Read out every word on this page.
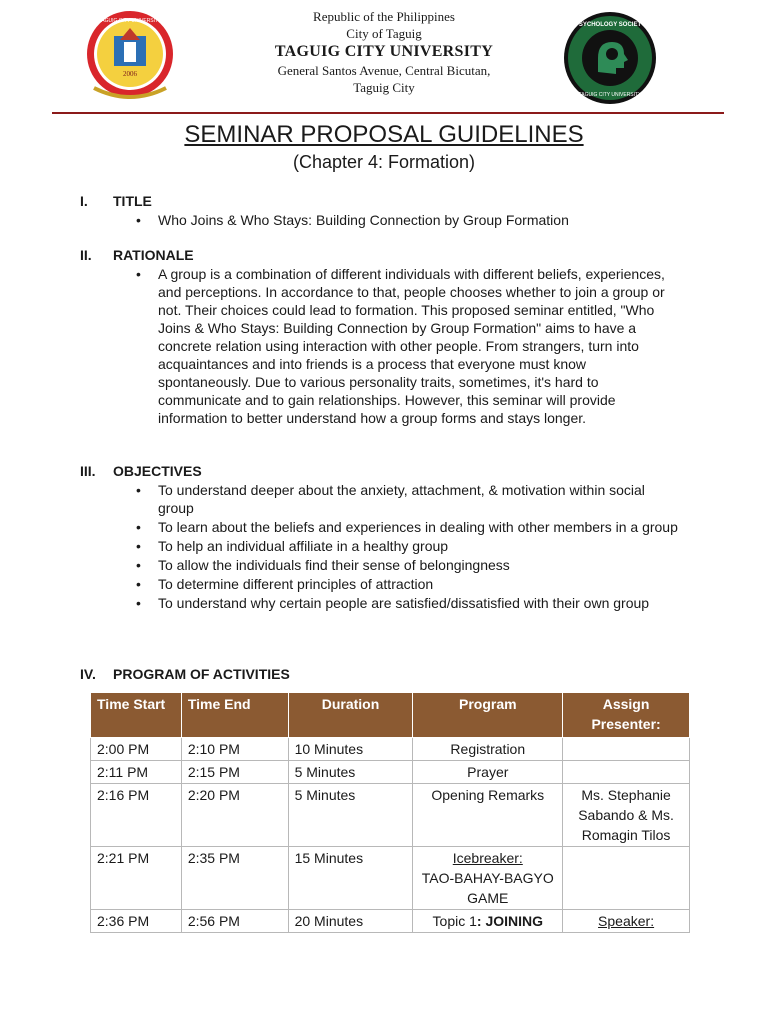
2006
TAGUIG CITY UNIVERSITY	Republic of the Philippines
City of Taguig
TAGUIG CITY UNIVERSITY
General Santos Avenue, Central Bicutan,
Taguig City
PSYCHOLOGY SOCIETY
TAGUIG CITY UNIVERSITY
SEMINAR PROPOSAL GUIDELINES
(Chapter 4: Formation)
I. TITLE
• Who Joins & Who Stays: Building Connection by Group Formation
II. RATIONALE
• A group is a combination of different individuals with different beliefs, experiences, and perceptions. In accordance to that, people chooses whether to join a group or not. Their choices could lead to formation. This proposed seminar entitled, "Who Joins & Who Stays: Building Connection by Group Formation" aims to have a concrete relation using interaction with other people. From strangers, turn into acquaintances and into friends is a process that everyone must know spontaneously. Due to various personality traits, sometimes, it's hard to communicate and to gain relationships. However, this seminar will provide information to better understand how a group forms and stays longer.
III. OBJECTIVES
• To understand deeper about the anxiety, attachment, & motivation within social group
• To learn about the beliefs and experiences in dealing with other members in a group
• To help an individual affiliate in a healthy group
• To allow the individuals find their sense of belongingness
• To determine different principles of attraction
• To understand why certain people are satisfied/dissatisfied with their own group
IV. PROGRAM OF ACTIVITIES
Time Start	Time End	Duration	Program	Assign Presenter:
2:00 PM	2:10 PM	10 Minutes	Registration	
2:11 PM	2:15 PM	5 Minutes	Prayer	
2:16 PM	2:20 PM	5 Minutes	Opening Remarks	Ms. Stephanie Sabando & Ms. Romagin Tilos
2:21 PM	2:35 PM	15 Minutes	Icebreaker:
TAO-BAHAY-BAGYO GAME	
2:36 PM	2:56 PM	20 Minutes	Topic 1: JOINING	Speaker:
